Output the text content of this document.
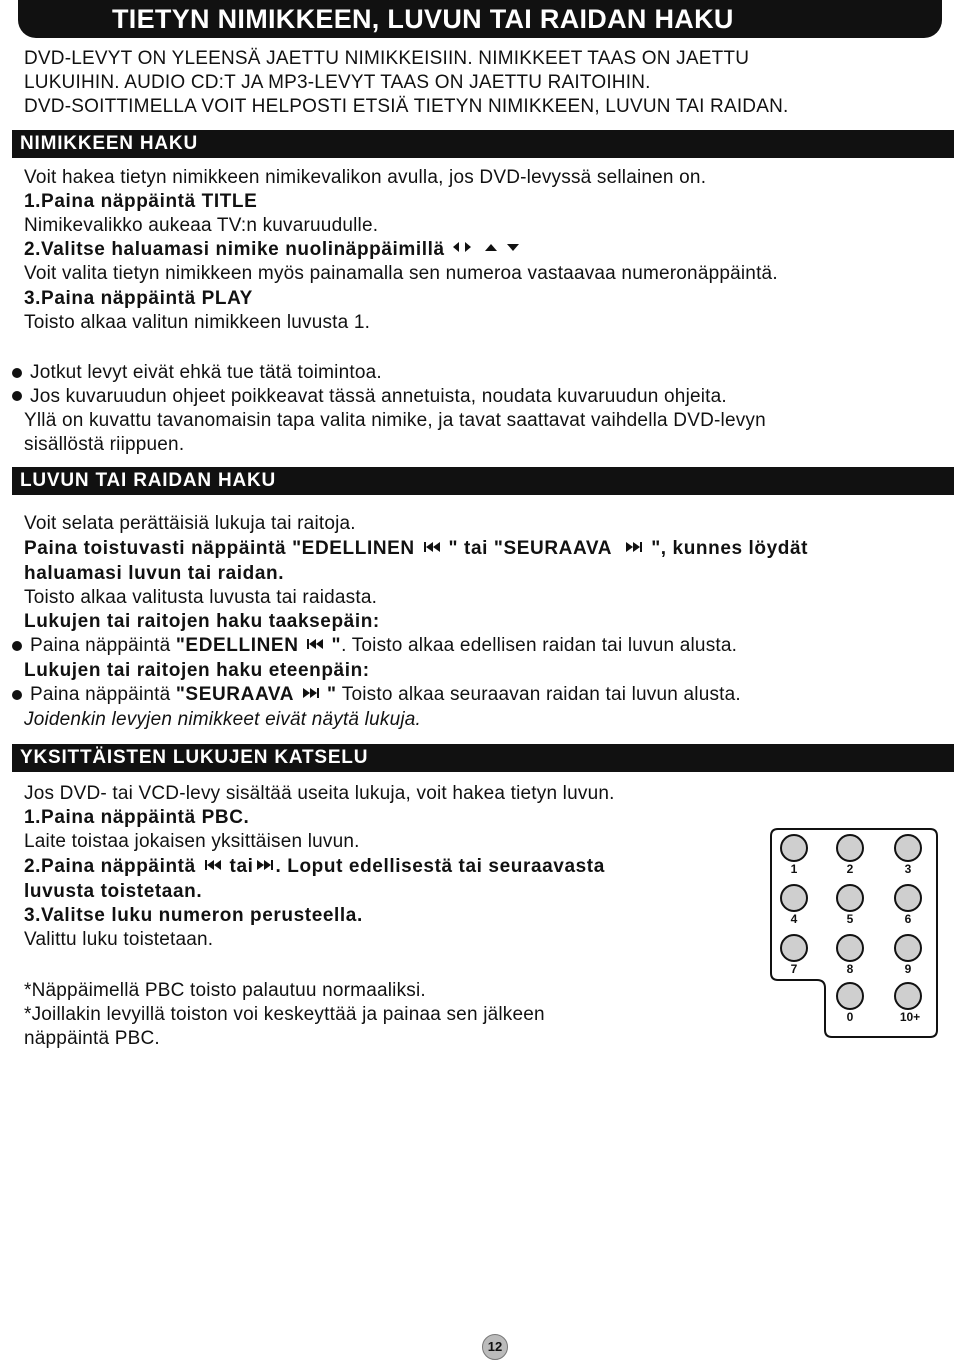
TIETYN NIMIKKEEN, LUVUN TAI RAIDAN HAKU
DVD-LEVYT ON YLEENSÄ JAETTU NIMIKKEISIIN. NIMIKKEET TAAS ON JAETTU
LUKUIHIN. AUDIO CD:T JA MP3-LEVYT TAAS ON JAETTU RAITOIHIN.
DVD-SOITTIMELLA VOIT HELPOSTI ETSIÄ TIETYN NIMIKKEEN, LUVUN TAI RAIDAN.
NIMIKKEEN HAKU
Voit hakea tietyn nimikkeen nimikevalikon avulla, jos DVD-levyssä sellainen on.
1.Paina näppäintä TITLE
Nimikevalikko aukeaa TV:n kuvaruudulle.
2.Valitse haluamasi nimike nuolinäppäimillä
Voit valita tietyn nimikkeen myös painamalla sen numeroa vastaavaa numeronäppäintä.
3.Paina näppäintä PLAY
Toisto alkaa valitun nimikkeen luvusta 1.
Jotkut levyt eivät ehkä tue tätä toimintoa.
Jos kuvaruudun ohjeet poikkeavat tässä annetuista, noudata kuvaruudun ohjeita.
Yllä on kuvattu tavanomaisin tapa valita nimike, ja tavat saattavat vaihdella DVD-levyn
sisällöstä riippuen.
LUVUN TAI RAIDAN HAKU
Voit selata perättäisiä lukuja tai raitoja.
Paina toistuvasti näppäintä "EDELLINEN " tai "SEURAAVA ", kunnes löydät
haluamasi luvun tai raidan.
Toisto alkaa valitusta luvusta tai raidasta.
Lukujen tai raitojen haku taaksepäin:
Paina näppäintä "EDELLINEN ". Toisto alkaa edellisen raidan tai luvun alusta.
Lukujen tai raitojen haku eteenpäin:
Paina näppäintä "SEURAAVA " Toisto alkaa seuraavan raidan tai luvun alusta.
Joidenkin levyjen nimikkeet eivät näytä lukuja.
YKSITTÄISTEN LUKUJEN KATSELU
Jos DVD- tai VCD-levy sisältää useita lukuja, voit hakea tietyn luvun.
1.Paina näppäintä PBC.
Laite toistaa jokaisen yksittäisen luvun.
2.Paina näppäintä tai . Loput edellisestä tai seuraavasta
luvusta toistetaan.
3.Valitse luku numeron perusteella.
Valittu luku toistetaan.
*Näppäimellä PBC toisto palautuu normaaliksi.
*Joillakin levyillä toiston voi keskeyttää ja painaa sen jälkeen
näppäintä PBC.
1	2	3
4	5	6
7	8	9
0	10+
12
